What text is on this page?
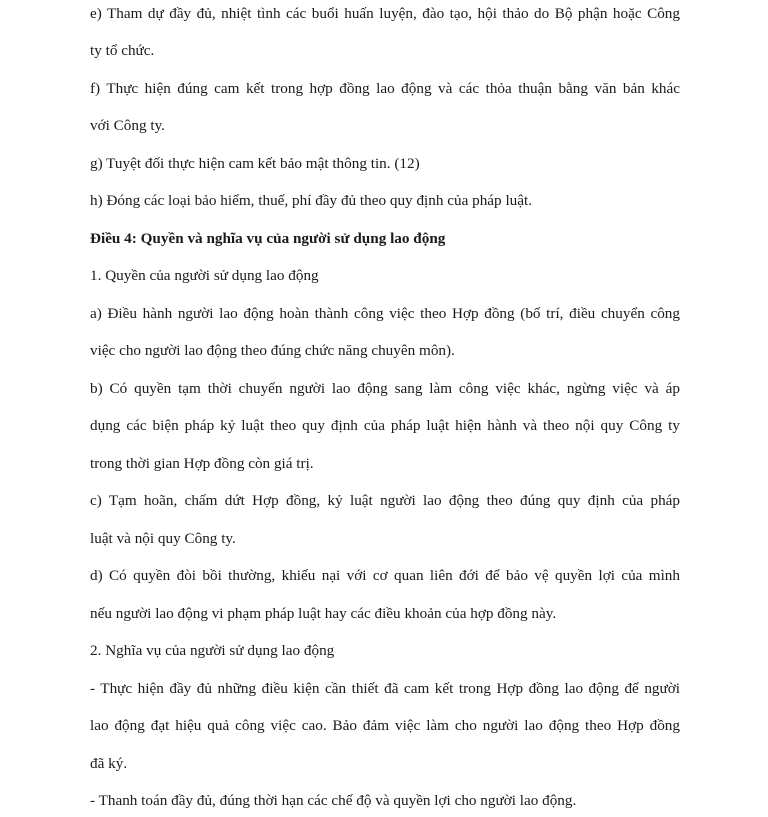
e) Tham dự đầy đủ, nhiệt tình các buổi huấn luyện, đào tạo, hội thảo do Bộ phận hoặc Công

ty tổ chức.

f) Thực hiện đúng cam kết trong hợp đồng lao động và các thỏa thuận bằng văn bản khác

với Công ty.

g) Tuyệt đối thực hiện cam kết bảo mật thông tin. (12)

h) Đóng các loại bảo hiểm, thuế, phí đầy đủ theo quy định của pháp luật.

Điều 4: Quyền và nghĩa vụ của người sử dụng lao động

1. Quyền của người sử dụng lao động

a) Điều hành người lao động hoàn thành công việc theo Hợp đồng (bố trí, điều chuyển công

việc cho người lao động theo đúng chức năng chuyên môn).

b) Có quyền tạm thời chuyển người lao động sang làm công việc khác, ngừng việc và áp

dụng các biện pháp kỷ luật theo quy định của pháp luật hiện hành và theo nội quy Công ty

trong thời gian Hợp đồng còn giá trị.

c) Tạm hoãn, chấm dứt Hợp đồng, kỷ luật người lao động theo đúng quy định của pháp

luật và nội quy Công ty.

d) Có quyền đòi bồi thường, khiếu nại với cơ quan liên đới để bảo vệ quyền lợi của mình

nếu người lao động vi phạm pháp luật hay các điều khoản của hợp đồng này.

2. Nghĩa vụ của người sử dụng lao động

- Thực hiện đầy đủ những điều kiện cần thiết đã cam kết trong Hợp đồng lao động để người

lao động đạt hiệu quả công việc cao. Bảo đảm việc làm cho người lao động theo Hợp đồng

đã ký.

- Thanh toán đầy đủ, đúng thời hạn các chế độ và quyền lợi cho người lao động.
